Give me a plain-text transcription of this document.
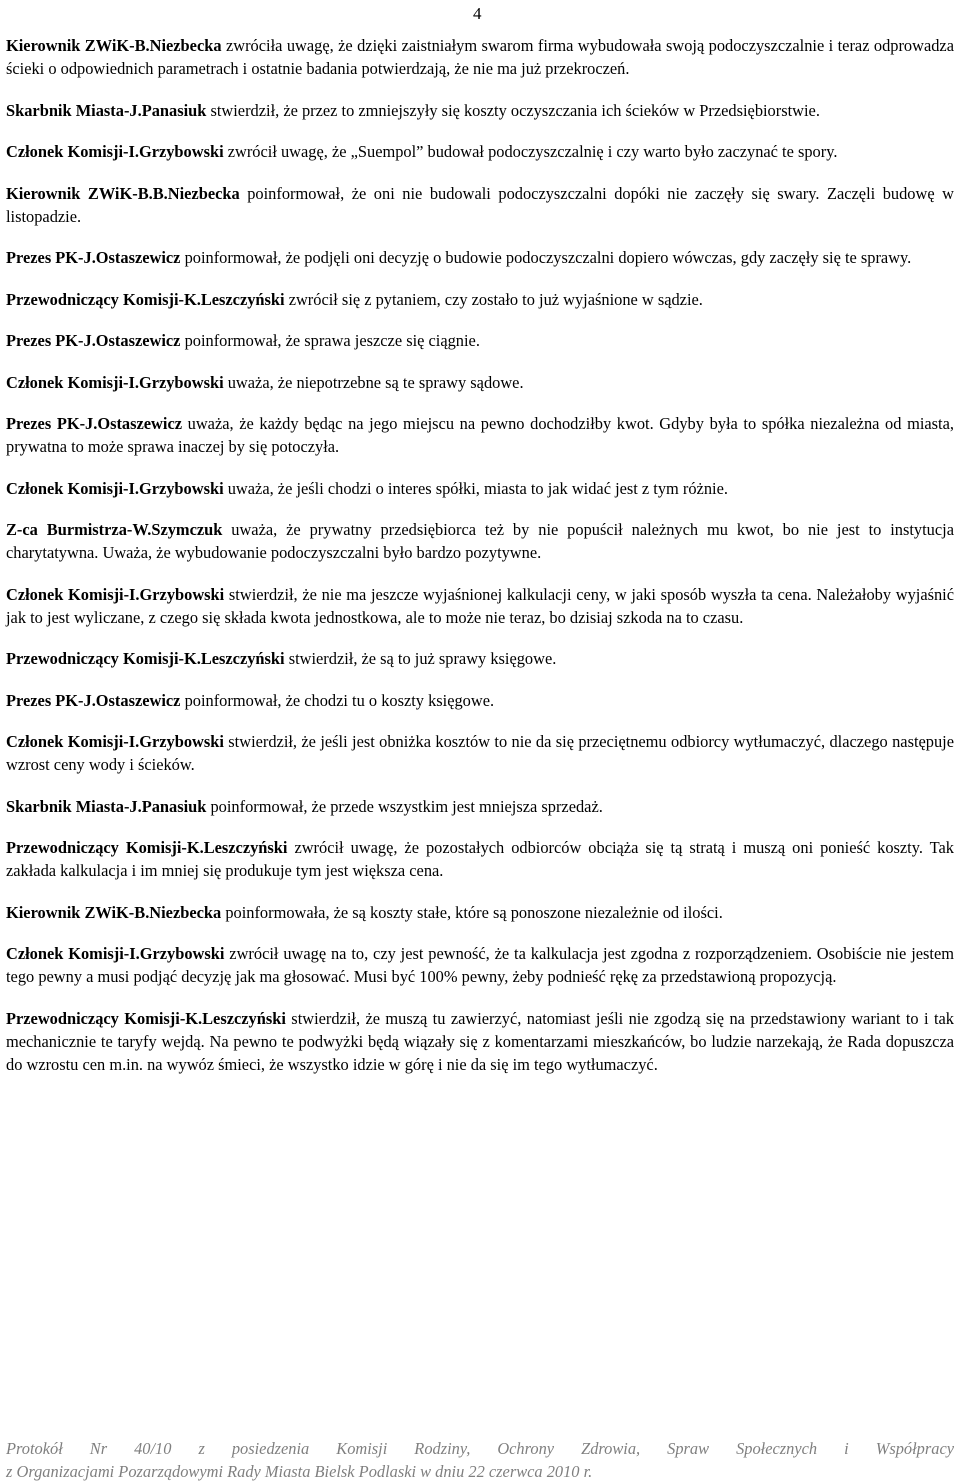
4

Kierownik ZWiK-B.Niezbecka zwróciła uwagę, że dzięki zaistniałym swarom firma wybudowała swoją podoczyszczalnie i teraz odprowadza ścieki o odpowiednich parametrach i ostatnie badania potwierdzają, że nie ma już przekroczeń.

Skarbnik Miasta-J.Panasiuk stwierdził, że przez to zmniejszyły się koszty oczyszczania ich ścieków w Przedsiębiorstwie.

Członek Komisji-I.Grzybowski zwrócił uwagę, że „Suempol” budował podoczyszczalnię i czy warto było zaczynać te spory.

Kierownik ZWiK-B.B.Niezbecka poinformował, że oni nie budowali podoczyszczalni dopóki nie zaczęły się swary. Zaczęli budowę w listopadzie.

Prezes PK-J.Ostaszewicz poinformował, że podjęli oni decyzję o budowie podoczyszczalni dopiero wówczas, gdy zaczęły się te sprawy.

Przewodniczący Komisji-K.Leszczyński zwrócił się z pytaniem, czy zostało to już wyjaśnione w sądzie.

Prezes PK-J.Ostaszewicz poinformował, że sprawa jeszcze się ciągnie.

Członek Komisji-I.Grzybowski uważa, że niepotrzebne są te sprawy sądowe.

Prezes PK-J.Ostaszewicz uważa, że każdy będąc na jego miejscu na pewno dochodziłby kwot. Gdyby była to spółka niezależna od miasta, prywatna to może sprawa inaczej by się potoczyła.

Członek Komisji-I.Grzybowski uważa, że jeśli chodzi o interes spółki, miasta to jak widać jest z tym różnie.

Z-ca Burmistrza-W.Szymczuk uważa, że prywatny przedsiębiorca też by nie popuścił należnych mu kwot, bo nie jest to instytucja charytatywna. Uważa, że wybudowanie podoczyszczalni było bardzo pozytywne.

Członek Komisji-I.Grzybowski stwierdził, że nie ma jeszcze wyjaśnionej kalkulacji ceny, w jaki sposób wyszła ta cena. Należałoby wyjaśnić jak to jest wyliczane, z czego się składa kwota jednostkowa, ale to może nie teraz, bo dzisiaj szkoda na to czasu.

Przewodniczący Komisji-K.Leszczyński stwierdził, że są to już sprawy księgowe.

Prezes PK-J.Ostaszewicz poinformował, że chodzi tu o koszty księgowe.

Członek Komisji-I.Grzybowski stwierdził, że jeśli jest obniżka kosztów to nie da się przeciętnemu odbiorcy wytłumaczyć, dlaczego następuje wzrost ceny wody i ścieków.

Skarbnik Miasta-J.Panasiuk poinformował, że przede wszystkim jest mniejsza sprzedaż.

Przewodniczący Komisji-K.Leszczyński zwrócił uwagę, że pozostałych odbiorców obciąża się tą stratą i muszą oni ponieść koszty. Tak zakłada kalkulacja i im mniej się produkuje tym jest większa cena.

Kierownik ZWiK-B.Niezbecka poinformowała, że są koszty stałe, które są ponoszone niezależnie od ilości.

Członek Komisji-I.Grzybowski zwrócił uwagę na to, czy jest pewność, że ta kalkulacja jest zgodna z rozporządzeniem. Osobiście nie jestem tego pewny a musi podjąć decyzję jak ma głosować. Musi być 100% pewny, żeby podnieść rękę za przedstawioną propozycją.

Przewodniczący Komisji-K.Leszczyński stwierdził, że muszą tu zawierzyć, natomiast jeśli nie zgodzą się na przedstawiony wariant to i tak mechanicznie te taryfy wejdą. Na pewno te podwyżki będą wiązały się z komentarzami mieszkańców, bo ludzie narzekają, że Rada dopuszcza do wzrostu cen m.in. na wywóz śmieci, że wszystko idzie w górę i nie da się im tego wytłumaczyć.

Protokół Nr 40/10 z posiedzenia Komisji Rodziny, Ochrony Zdrowia, Spraw Społecznych i Współpracy
z Organizacjami Pozarządowymi Rady Miasta Bielsk Podlaski w dniu 22 czerwca 2010 r.
